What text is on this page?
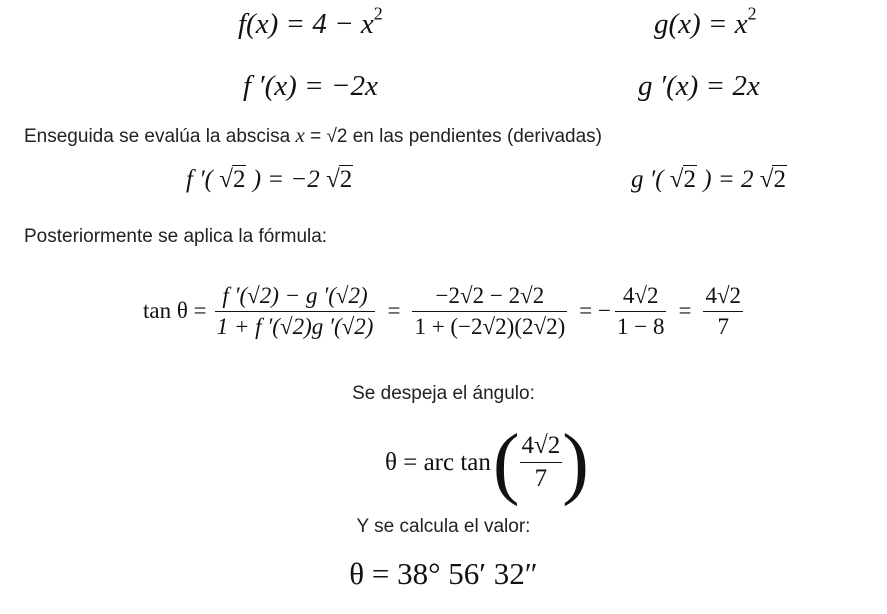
$f(x) = 4 - x^2$	$g(x) = x^2$
f ′(x) = −2x	g ′(x) = 2x
Enseguida se evalúa la abscisa x = √2 en las pendientes (derivadas)
f ′( √2 ) = −2 √2	g ′( √2 ) = 2 √2
Posteriormente se aplica la fórmula:
$\tan \theta = \frac{f '(√2) - g '(√2)}{1 + f '(√2)g '(√2)} = \frac{-2√2 - 2√2}{1 + (-2√2)(2√2)}$ = − $\frac{4√2}{1 - 8} = \frac{4√2}{7}$
Se despeja el ángulo:
θ = arc tan ( $\frac{4√2}{7}$ )
Y se calcula el valor:
θ = 38° 56′ 32″
